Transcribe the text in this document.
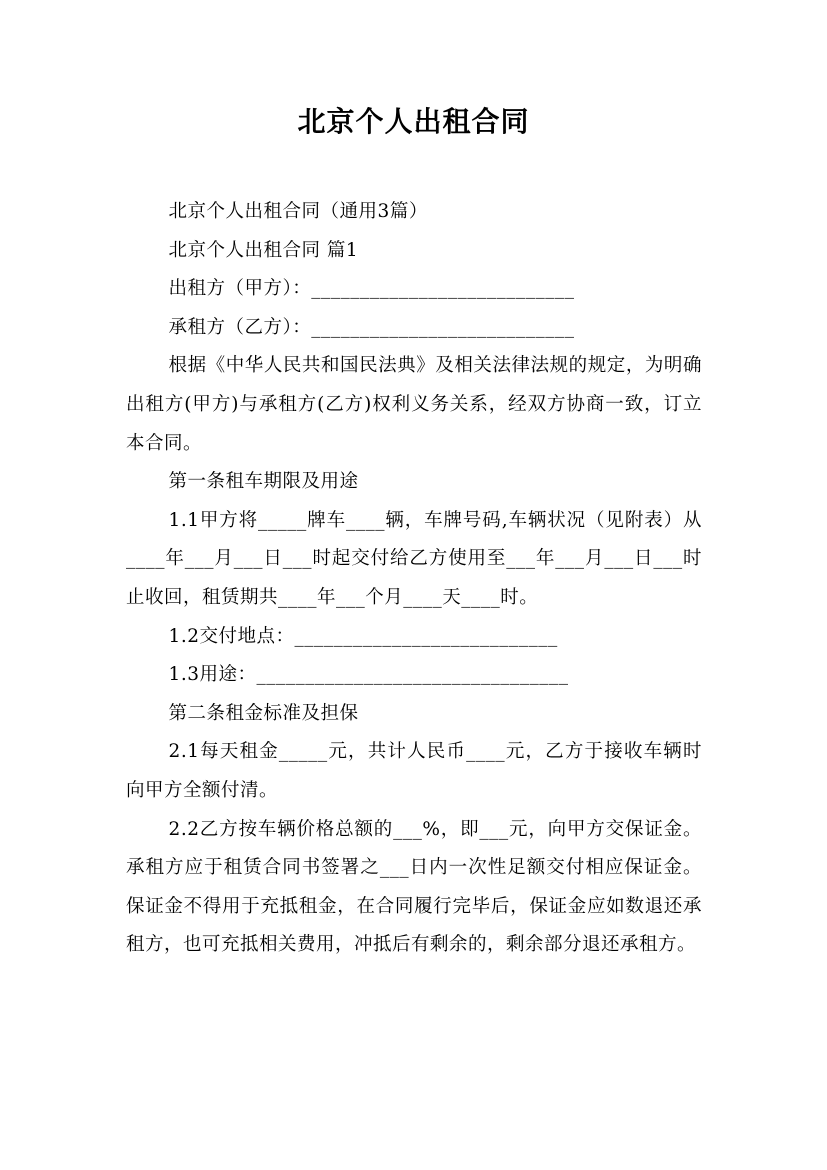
北京个人出租合同

北京个人出租合同（通用3篇）

北京个人出租合同 篇1

出租方（甲方）：___________________________

承租方（乙方）：___________________________

根据《中华人民共和国民法典》及相关法律法规的规定，为明确出租方(甲方)与承租方(乙方)权利义务关系，经双方协商一致，订立本合同。

第一条租车期限及用途

1.1甲方将_____牌车____辆，车牌号码,车辆状况（见附表）从____年___月___日___时起交付给乙方使用至___年___月___日___时止收回，租赁期共____年___个月____天____时。

1.2交付地点：___________________________

1.3用途：________________________________

第二条租金标准及担保

2.1每天租金_____元，共计人民币____元，乙方于接收车辆时向甲方全额付清。

2.2乙方按车辆价格总额的___%，即___元，向甲方交保证金。承租方应于租赁合同书签署之___日内一次性足额交付相应保证金。保证金不得用于充抵租金，在合同履行完毕后，保证金应如数退还承租方，也可充抵相关费用，冲抵后有剩余的，剩余部分退还承租方。
